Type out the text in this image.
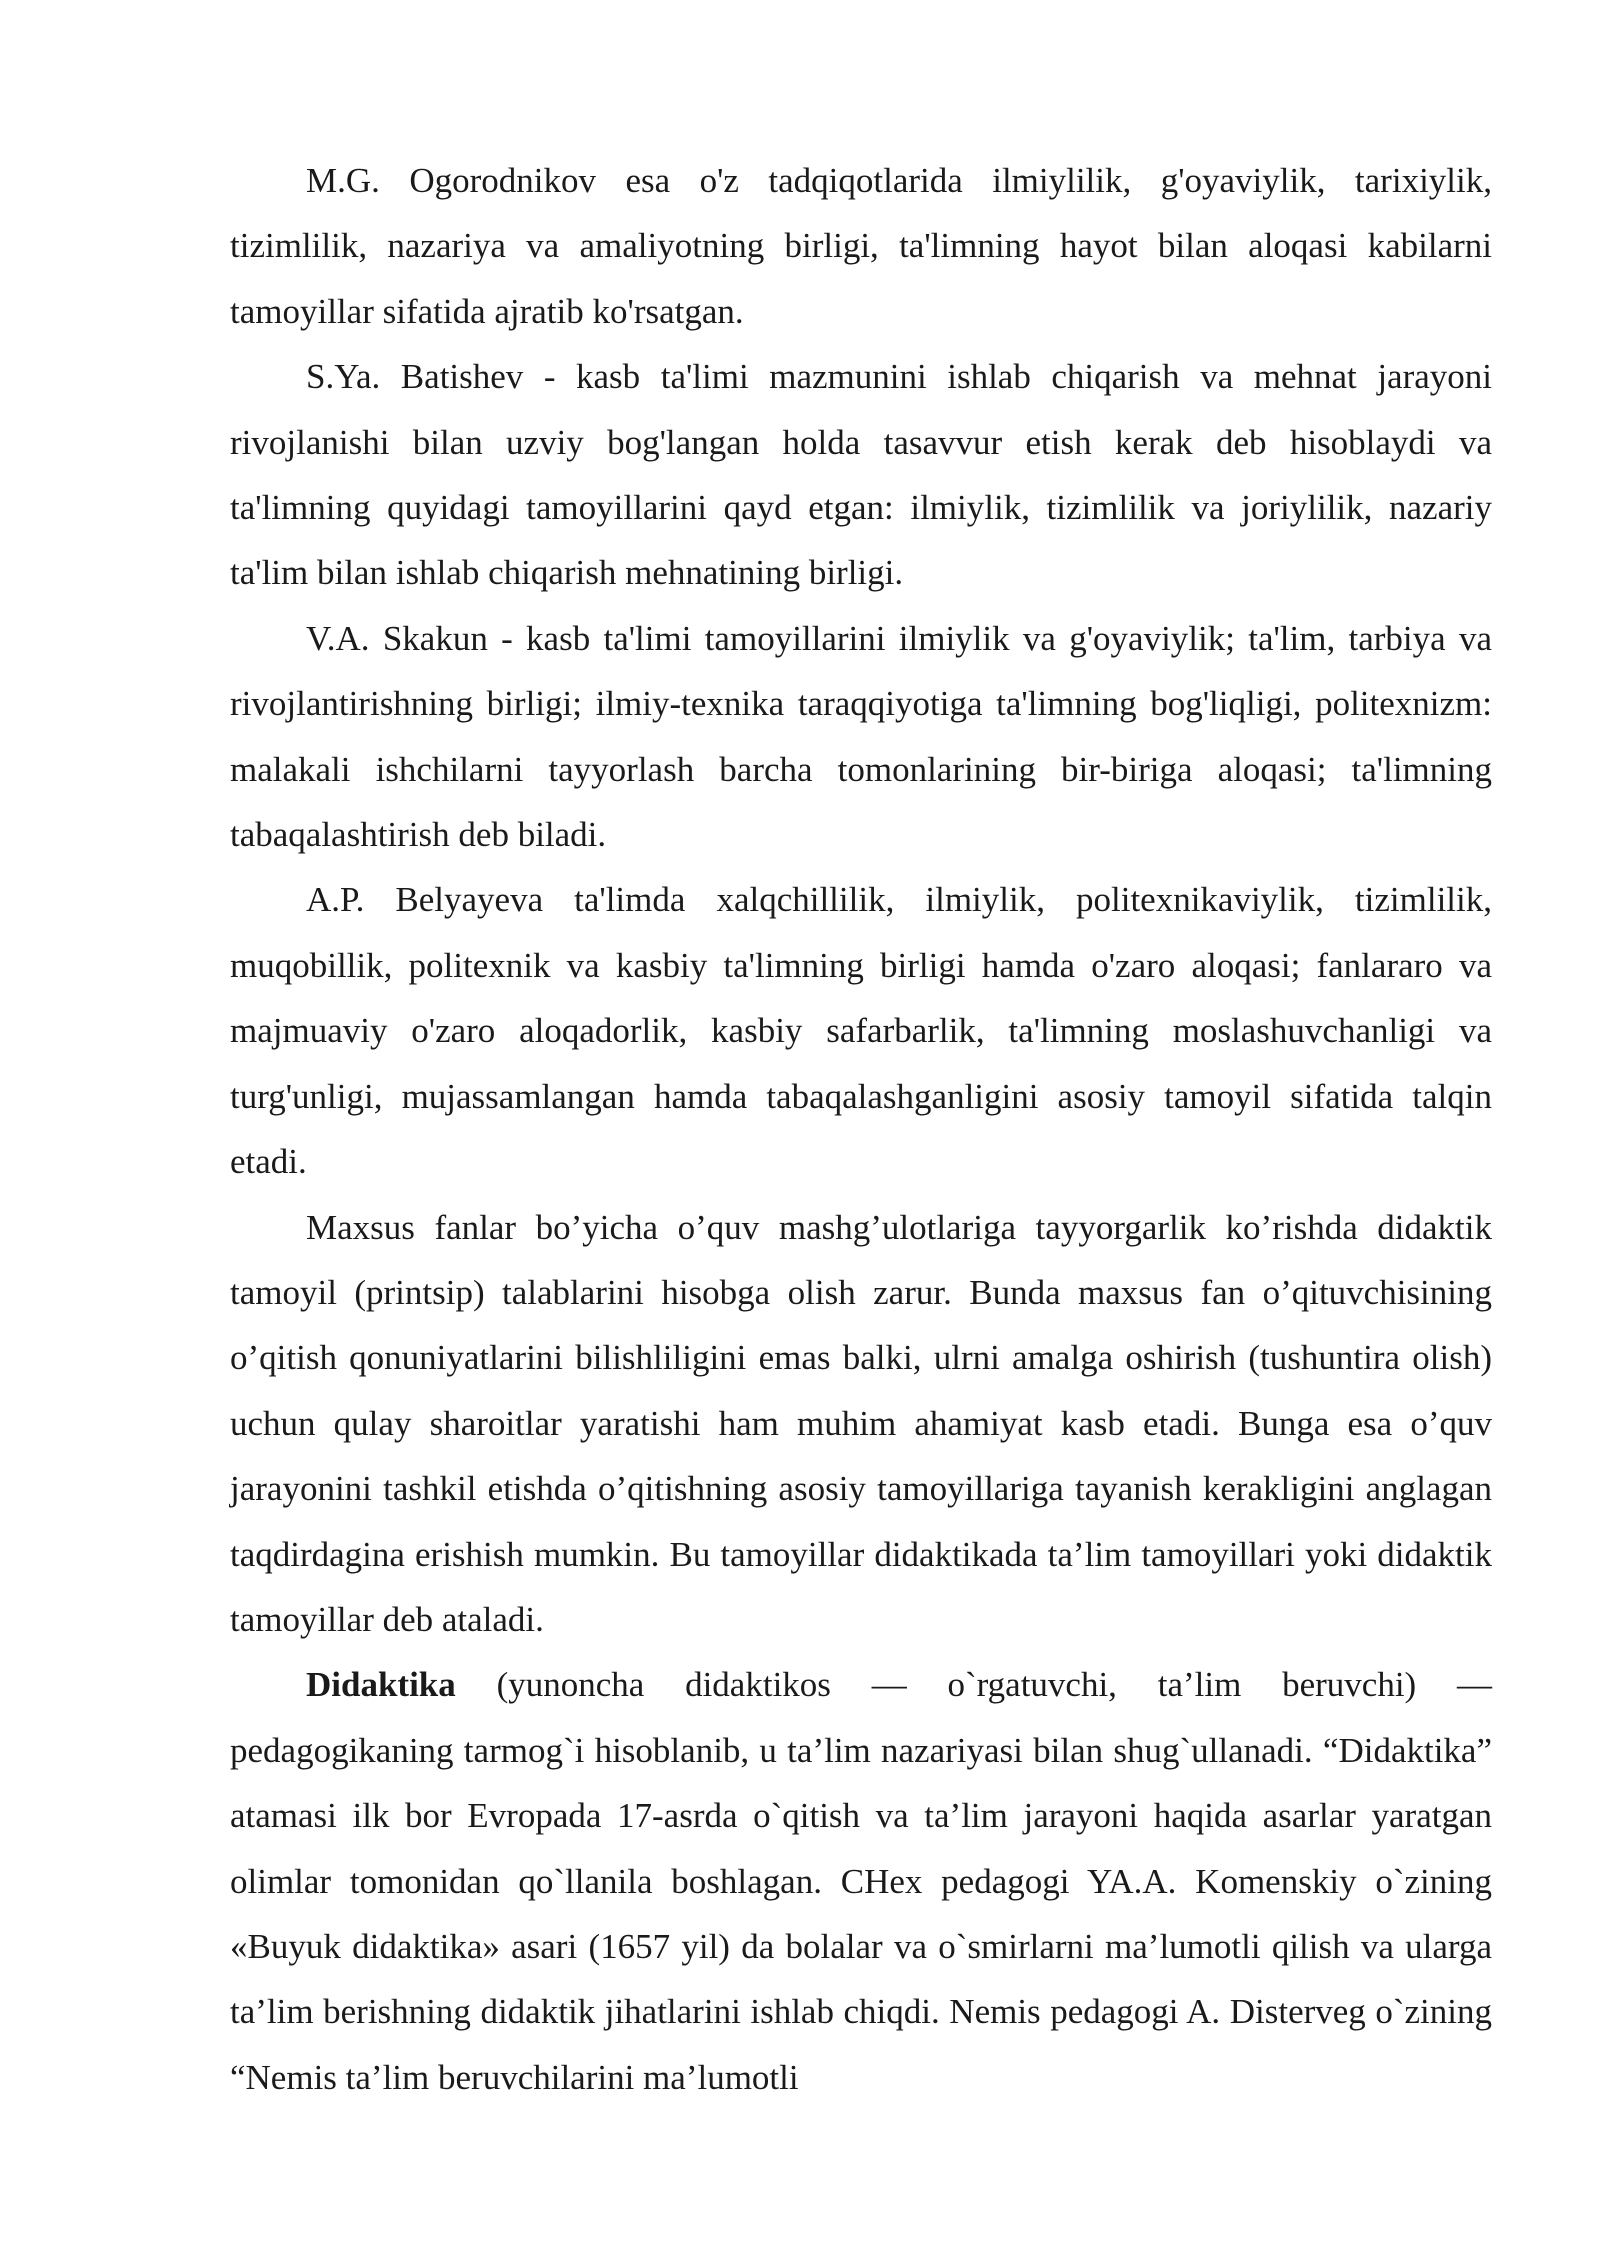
M.G. Ogorodnikov esa o'z tadqiqotlarida ilmiylilik, g'oyaviylik, tarixiylik, tizimlilik, nazariya va amaliyotning birligi, ta'limning hayot bilan aloqasi kabilarni tamoyillar sifatida ajratib ko'rsatgan.

S.Ya. Batishev - kasb ta'limi mazmunini ishlab chiqarish va mehnat jarayoni rivojlanishi bilan uzviy bog'langan holda tasavvur etish kerak deb hisoblaydi va ta'limning quyidagi tamoyillarini qayd etgan: ilmiylik, tizimlilik va joriylilik, nazariy ta'lim bilan ishlab chiqarish mehnatining birligi.

V.A. Skakun - kasb ta'limi tamoyillarini ilmiylik va g'oyaviylik; ta'lim, tarbiya va rivojlantirishning birligi; ilmiy-texnika taraqqiyotiga ta'limning bog'liqligi, politexnizm: malakali ishchilarni tayyorlash barcha tomonlarining bir-biriga aloqasi; ta'limning tabaqalashtirish deb biladi.

A.P. Belyayeva ta'limda xalqchillilik, ilmiylik, politexnikaviylik, tizimlilik, muqobillik, politexnik va kasbiy ta'limning birligi hamda o'zaro aloqasi; fanlararo va majmuaviy o'zaro aloqadorlik, kasbiy safarbarlik, ta'limning moslashuvchanligi va turg'unligi, mujassamlangan hamda tabaqalashganligini asosiy tamoyil sifatida talqin etadi.

Maxsus fanlar bo’yicha o’quv mashg’ulotlariga tayyorgarlik ko’rishda didaktik tamoyil (printsip) talablarini hisobga olish zarur. Bunda maxsus fan o’qituvchisining o’qitish qonuniyatlarini bilishliligini emas balki, ulrni amalga oshirish (tushuntira olish) uchun qulay sharoitlar yaratishi ham muhim ahamiyat kasb etadi. Bunga esa o’quv jarayonini tashkil etishda o’qitishning asosiy tamoyillariga tayanish kerakligini anglagan taqdirdagina erishish mumkin. Bu tamoyillar didaktikada ta’lim tamoyillari yoki didaktik tamoyillar deb ataladi.

Didaktika (yunoncha didaktikos — o`rgatuvchi, ta’lim beruvchi) — pedagogikaning tarmog`i hisoblanib, u ta’lim nazariyasi bilan shug`ullanadi. “Didaktika” atamasi ilk bor Evropada 17-asrda o`qitish va ta’lim jarayoni haqida asarlar yaratgan olimlar tomonidan qo`llanila boshlagan. CHex pedagogi YA.A. Komenskiy o`zining «Buyuk didaktika» asari (1657 yil) da bolalar va o`smirlarni ma’lumotli qilish va ularga ta’lim berishning didaktik jihatlarini ishlab chiqdi. Nemis pedagogi A. Disterveg o`zining “Nemis ta’lim beruvchilarini ma’lumotli
